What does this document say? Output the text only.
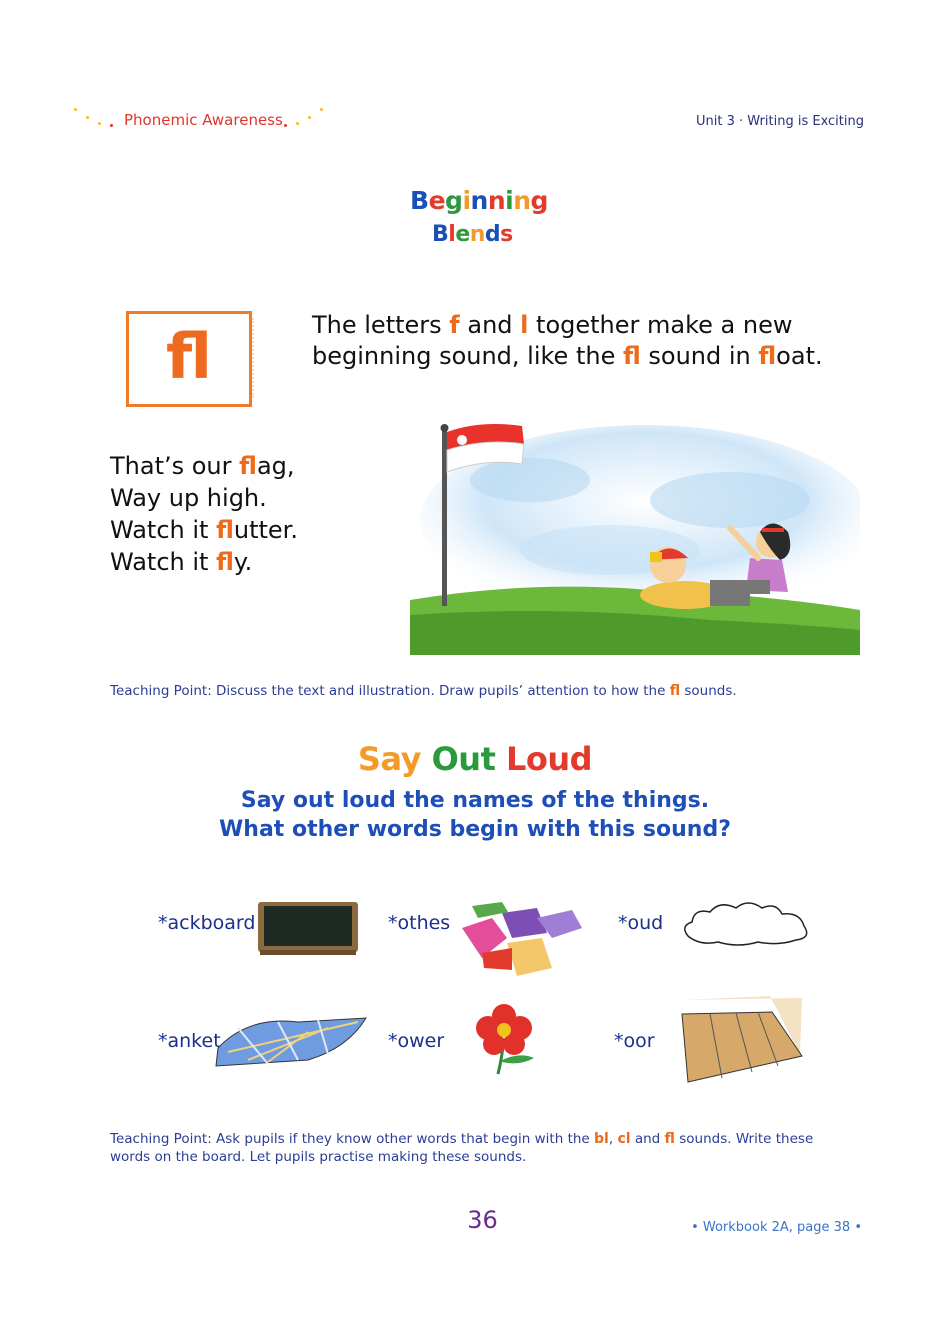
Phonemic Awareness	Unit 3 · Writing is Exciting
Beginning
Blends
fl	The letters f and l together make a new beginning sound, like the fl sound in float.
That’s our flag,
Way up high.
Watch it flutter.
Watch it fly.
Teaching Point: Discuss the text and illustration. Draw pupils’ attention to how the fl sounds.
Say Out Loud
Say out loud the names of the things.
What other words begin with this sound?
*ackboard	*othes	*oud
*anket	*ower	*oor
Teaching Point: Ask pupils if they know other words that begin with the bl, cl and fl sounds. Write these words on the board. Let pupils practise making these sounds.
36	• Workbook 2A, page 38 •
